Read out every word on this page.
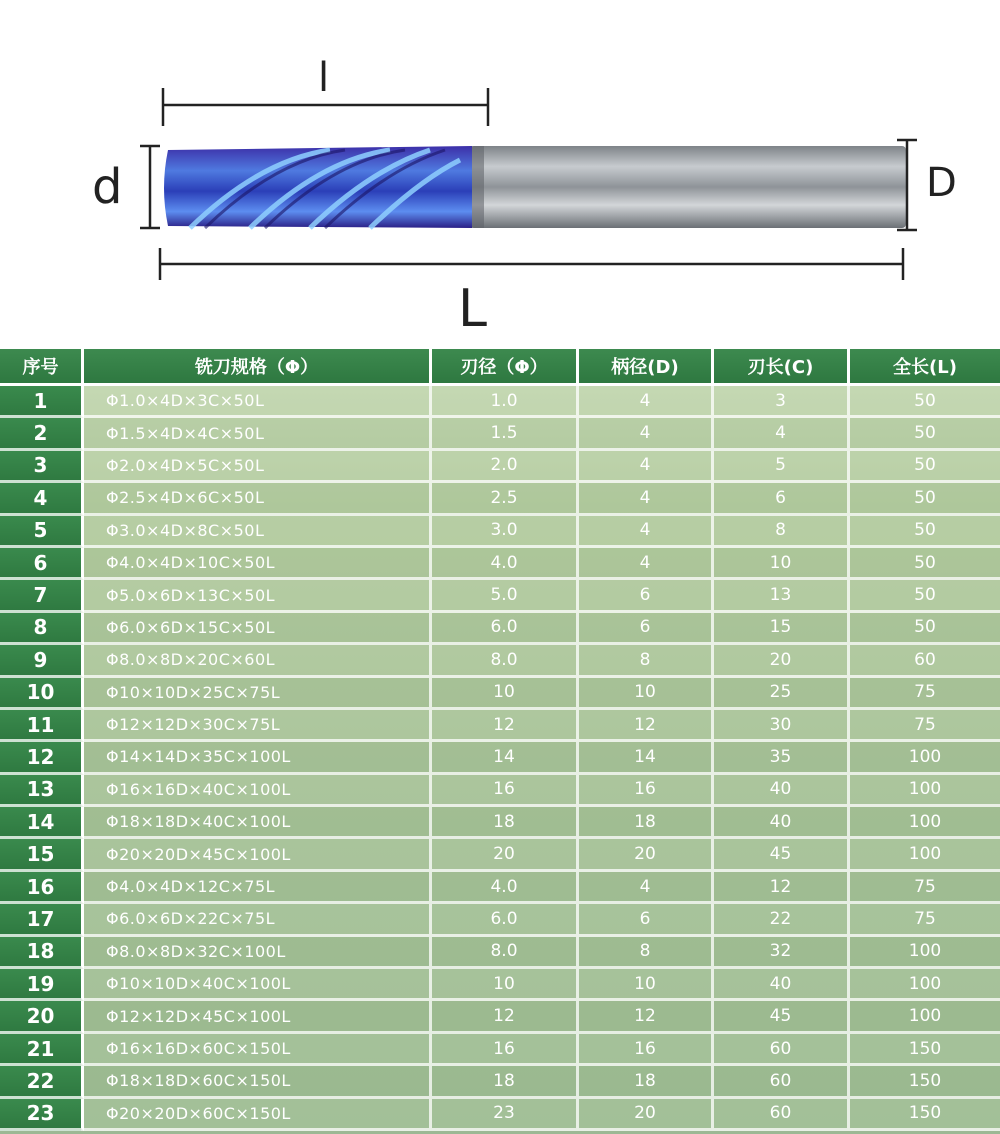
l
d	D
L
序号	铣刀规格（Φ）	刃径（Φ）	柄径(D)	刃长(C)	全长(L)
1	Φ1.0×4D×3C×50L	1.0	4	3	50
2	Φ1.5×4D×4C×50L	1.5	4	4	50
3	Φ2.0×4D×5C×50L	2.0	4	5	50
4	Φ2.5×4D×6C×50L	2.5	4	6	50
5	Φ3.0×4D×8C×50L	3.0	4	8	50
6	Φ4.0×4D×10C×50L	4.0	4	10	50
7	Φ5.0×6D×13C×50L	5.0	6	13	50
8	Φ6.0×6D×15C×50L	6.0	6	15	50
9	Φ8.0×8D×20C×60L	8.0	8	20	60
10	Φ10×10D×25C×75L	10	10	25	75
11	Φ12×12D×30C×75L	12	12	30	75
12	Φ14×14D×35C×100L	14	14	35	100
13	Φ16×16D×40C×100L	16	16	40	100
14	Φ18×18D×40C×100L	18	18	40	100
15	Φ20×20D×45C×100L	20	20	45	100
16	Φ4.0×4D×12C×75L	4.0	4	12	75
17	Φ6.0×6D×22C×75L	6.0	6	22	75
18	Φ8.0×8D×32C×100L	8.0	8	32	100
19	Φ10×10D×40C×100L	10	10	40	100
20	Φ12×12D×45C×100L	12	12	45	100
21	Φ16×16D×60C×150L	16	16	60	150
22	Φ18×18D×60C×150L	18	18	60	150
23	Φ20×20D×60C×150L	23	20	60	150
